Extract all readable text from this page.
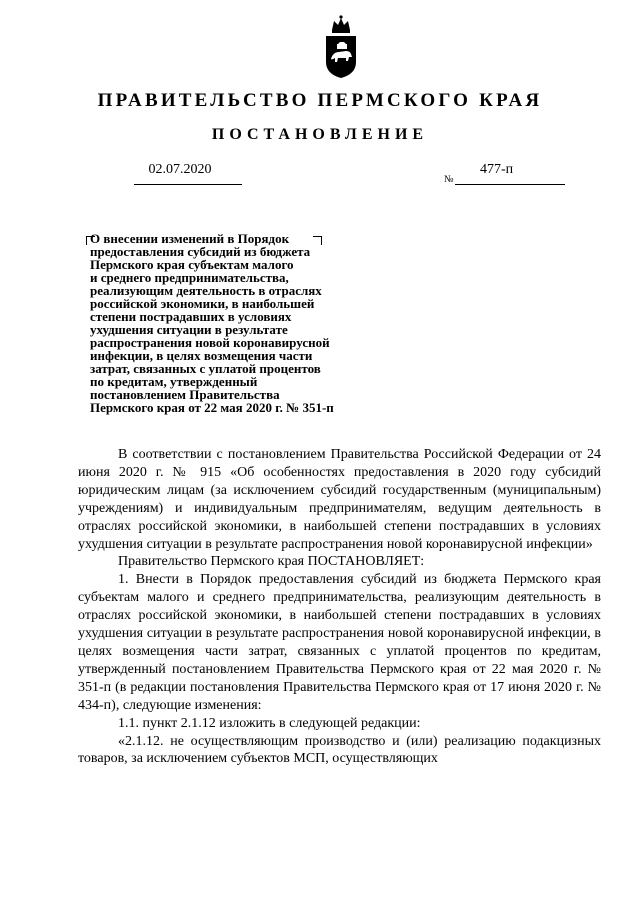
ПРАВИТЕЛЬСТВО ПЕРМСКОГО КРАЯ
ПОСТАНОВЛЕНИЕ
02.07.2020
№
477-п
О внесении изменений в Порядок
предоставления субсидий из бюджета
Пермского края субъектам малого
и среднего предпринимательства,
реализующим деятельность в отраслях
российской экономики, в наибольшей
степени пострадавших в условиях
ухудшения ситуации в результате
распространения новой коронавирусной
инфекции, в целях возмещения части
затрат, связанных с уплатой процентов
по кредитам, утвержденный
постановлением Правительства
Пермского края от 22 мая 2020 г. № 351-п

В соответствии с постановлением Правительства Российской Федерации от 24 июня 2020 г. № 915 «Об особенностях предоставления в 2020 году субсидий юридическим лицам (за исключением субсидий государственным (муниципальным) учреждениям) и индивидуальным предпринимателям, ведущим деятельность в отраслях российской экономики, в наибольшей степени пострадавших в условиях ухудшения ситуации в результате распространения новой коронавирусной инфекции»

Правительство Пермского края ПОСТАНОВЛЯЕТ:

1. Внести в Порядок предоставления субсидий из бюджета Пермского края субъектам малого и среднего предпринимательства, реализующим деятельность в отраслях российской экономики, в наибольшей степени пострадавших в условиях ухудшения ситуации в результате распространения новой коронавирусной инфекции, в целях возмещения части затрат, связанных с уплатой процентов по кредитам, утвержденный постановлением Правительства Пермского края от 22 мая 2020 г. № 351-п (в редакции постановления Правительства Пермского края от 17 июня 2020 г. № 434-п), следующие изменения:

1.1. пункт 2.1.12 изложить в следующей редакции:

«2.1.12. не осуществляющим производство и (или) реализацию подакцизных товаров, за исключением субъектов МСП, осуществляющих
